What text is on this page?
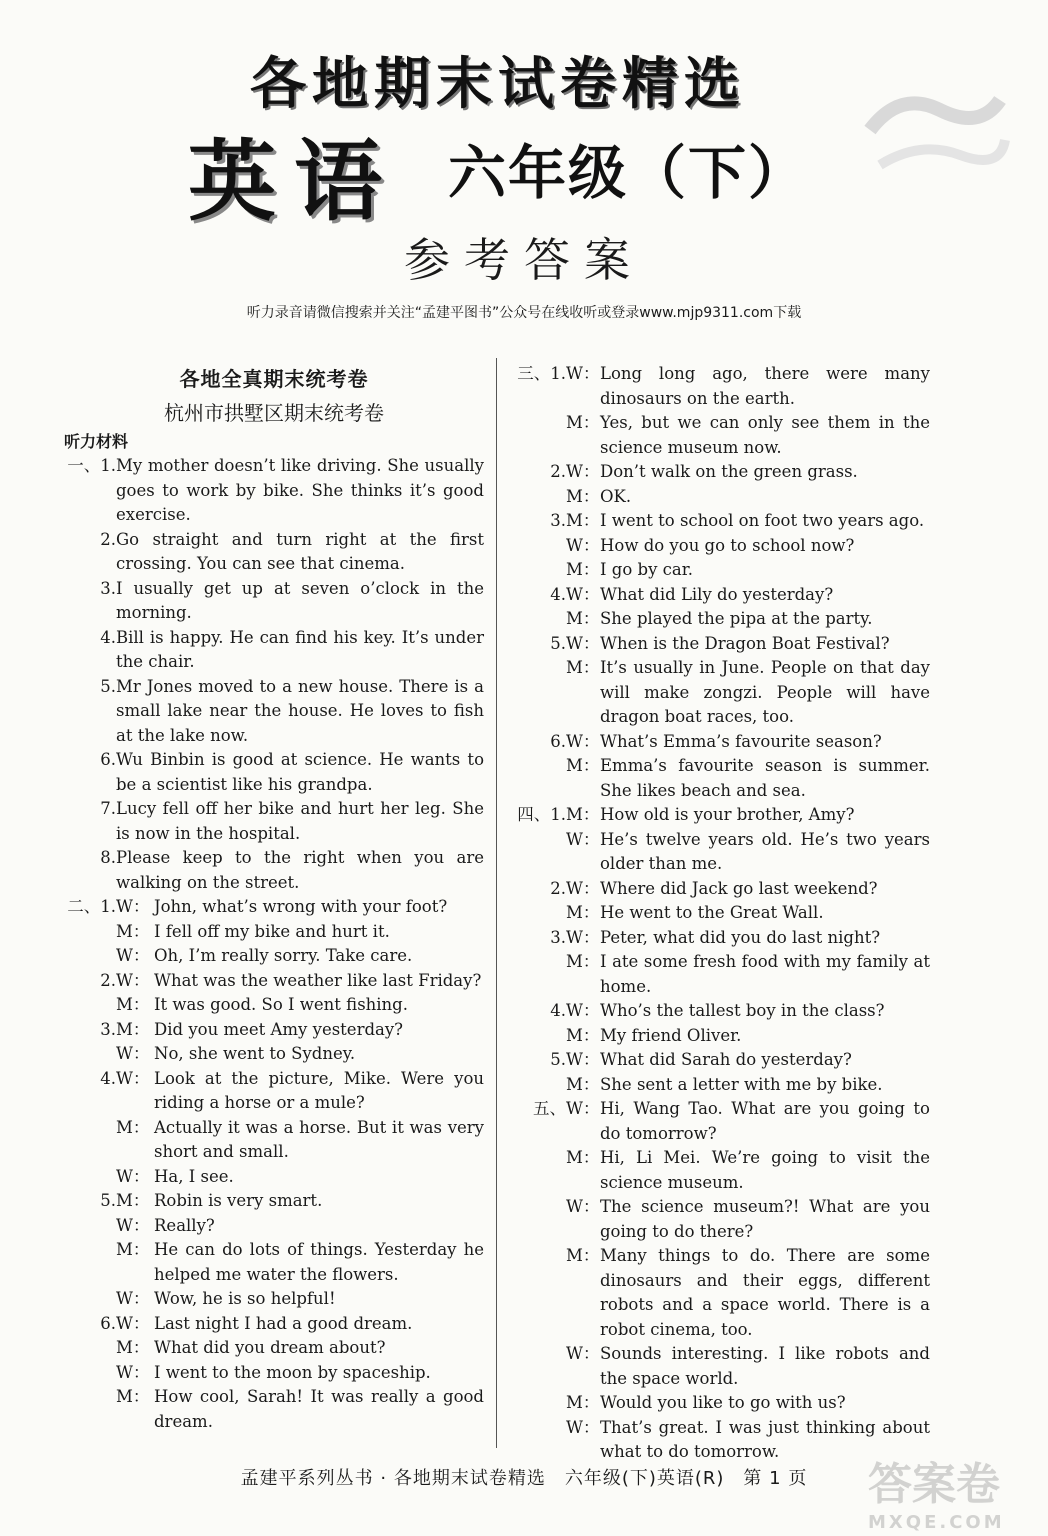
各地期末试卷精选
英语 六年级（下）
参考答案
听力录音请微信搜索并关注“孟建平图书”公众号在线收听或登录www.mjp9311.com下载
各地全真期末统考卷
杭州市拱墅区期末统考卷
听力材料
一、1. My mother doesn’t like driving. She usually goes to work by bike. She thinks it’s good exercise.
2. Go straight and turn right at the first crossing. You can see that cinema.
3. I usually get up at seven o’clock in the morning.
4. Bill is happy. He can find his key. It’s under the chair.
5. Mr Jones moved to a new house. There is a small lake near the house. He loves to fish at the lake now.
6. Wu Binbin is good at science. He wants to be a scientist like his grandpa.
7. Lucy fell off her bike and hurt her leg. She is now in the hospital.
8. Please keep to the right when you are walking on the street.
二、1. W： John, what’s wrong with your foot?
M： I fell off my bike and hurt it.
W： Oh, I’m really sorry. Take care.
2. W： What was the weather like last Friday?
M： It was good. So I went fishing.
3. M： Did you meet Amy yesterday?
W： No, she went to Sydney.
4. W： Look at the picture, Mike. Were you riding a horse or a mule?
M： Actually it was a horse. But it was very short and small.
W： Ha, I see.
5. M： Robin is very smart.
W： Really?
M： He can do lots of things. Yesterday he helped me water the flowers.
W： Wow, he is so helpful!
6. W： Last night I had a good dream.
M： What did you dream about?
W： I went to the moon by spaceship.
M： How cool, Sarah! It was really a good dream.
三、1. W： Long long ago, there were many dinosaurs on the earth.
M： Yes, but we can only see them in the science museum now.
2. W： Don’t walk on the green grass.
M： OK.
3. M： I went to school on foot two years ago.
W： How do you go to school now?
M： I go by car.
4. W： What did Lily do yesterday?
M： She played the pipa at the party.
5. W： When is the Dragon Boat Festival?
M： It’s usually in June. People on that day will make zongzi. People will have dragon boat races, too.
6. W： What’s Emma’s favourite season?
M： Emma’s favourite season is summer. She likes beach and sea.
四、1. M： How old is your brother, Amy?
W： He’s twelve years old. He’s two years older than me.
2. W： Where did Jack go last weekend?
M： He went to the Great Wall.
3. W： Peter, what did you do last night?
M： I ate some fresh food with my family at home.
4. W： Who’s the tallest boy in the class?
M： My friend Oliver.
5. W： What did Sarah do yesterday?
M： She sent a letter with me by bike.
五、 W： Hi, Wang Tao. What are you going to do tomorrow?
M： Hi, Li Mei. We’re going to visit the science museum.
W： The science museum?! What are you going to do there?
M： Many things to do. There are some dinosaurs and their eggs, different robots and a space world. There is a robot cinema, too.
W： Sounds interesting. I like robots and the space world.
M： Would you like to go with us?
W： That’s great. I was just thinking about what to do tomorrow.
孟建平系列丛书 · 各地期末试卷精选　六年级(下)英语(R)　第 1 页	答案卷
MXQE.COM
